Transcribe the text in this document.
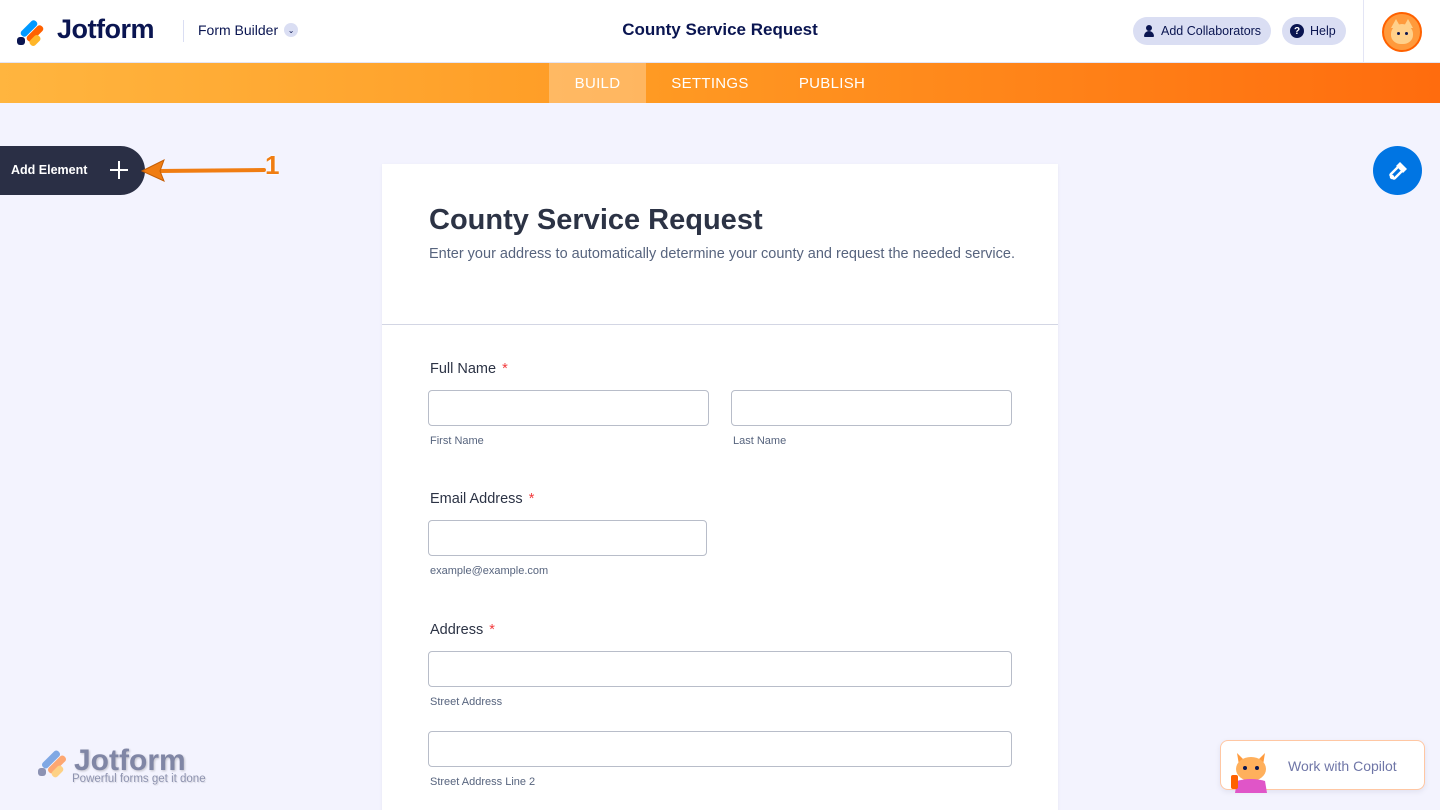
Jotform	Form Builder	⌄	County Service Request	Add Collaborators	? Help
BUILD	SETTINGS	PUBLISH
Add Element	1
County Service Request
Enter your address to automatically determine your county and request the needed service.
Full Name *
First Name	Last Name
Email Address *
example@example.com
Address *
Street Address
Street Address Line 2
Jotform
Powerful forms get it done
Work with Copilot
